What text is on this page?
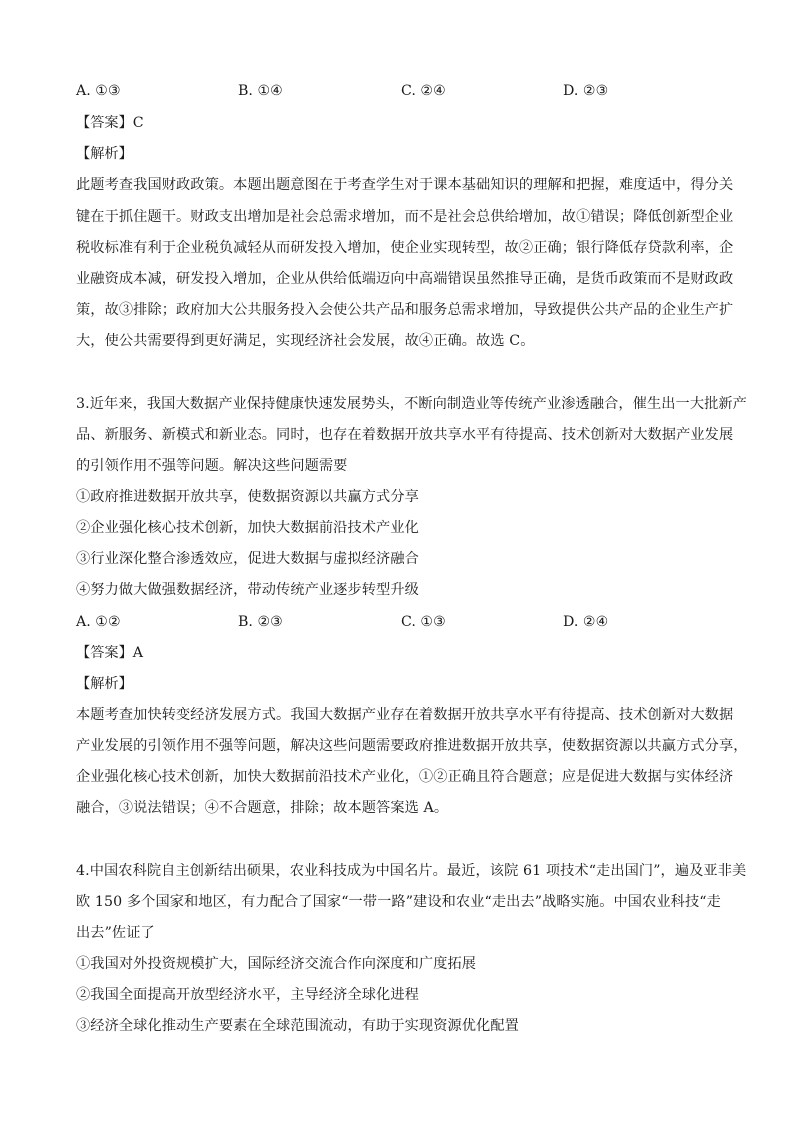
A. ①③	B. ①④	C. ②④	D. ②③
【答案】C
【解析】
此题考查我国财政政策。本题出题意图在于考查学生对于课本基础知识的理解和把握，难度适中，得分关
键在于抓住题干。财政支出增加是社会总需求增加，而不是社会总供给增加，故①错误；降低创新型企业
税收标准有利于企业税负减轻从而研发投入增加，使企业实现转型，故②正确；银行降低存贷款利率，企
业融资成本减，研发投入增加，企业从供给低端迈向中高端错误虽然推导正确，是货币政策而不是财政政
策，故③排除；政府加大公共服务投入会使公共产品和服务总需求增加，导致提供公共产品的企业生产扩
大，使公共需要得到更好满足，实现经济社会发展，故④正确。故选 C。
3.近年来，我国大数据产业保持健康快速发展势头，不断向制造业等传统产业渗透融合，催生出一大批新产
品、新服务、新模式和新业态。同时，也存在着数据开放共享水平有待提高、技术创新对大数据产业发展
的引领作用不强等问题。解决这些问题需要
①政府推进数据开放共享，使数据资源以共赢方式分享
②企业强化核心技术创新，加快大数据前沿技术产业化
③行业深化整合渗透效应，促进大数据与虚拟经济融合
④努力做大做强数据经济，带动传统产业逐步转型升级
A. ①②	B. ②③	C. ①③	D. ②④
【答案】A
【解析】
本题考查加快转变经济发展方式。我国大数据产业存在着数据开放共享水平有待提高、技术创新对大数据
产业发展的引领作用不强等问题，解决这些问题需要政府推进数据开放共享，使数据资源以共赢方式分享，
企业强化核心技术创新，加快大数据前沿技术产业化，①②正确且符合题意；应是促进大数据与实体经济
融合，③说法错误；④不合题意，排除；故本题答案选 A。
4.中国农科院自主创新结出硕果，农业科技成为中国名片。最近，该院 61 项技术“走出国门”，遍及亚非美
欧 150 多个国家和地区，有力配合了国家“一带一路”建设和农业“走出去”战略实施。中国农业科技“走
出去”佐证了
①我国对外投资规模扩大，国际经济交流合作向深度和广度拓展
②我国全面提高开放型经济水平，主导经济全球化进程
③经济全球化推动生产要素在全球范围流动，有助于实现资源优化配置
